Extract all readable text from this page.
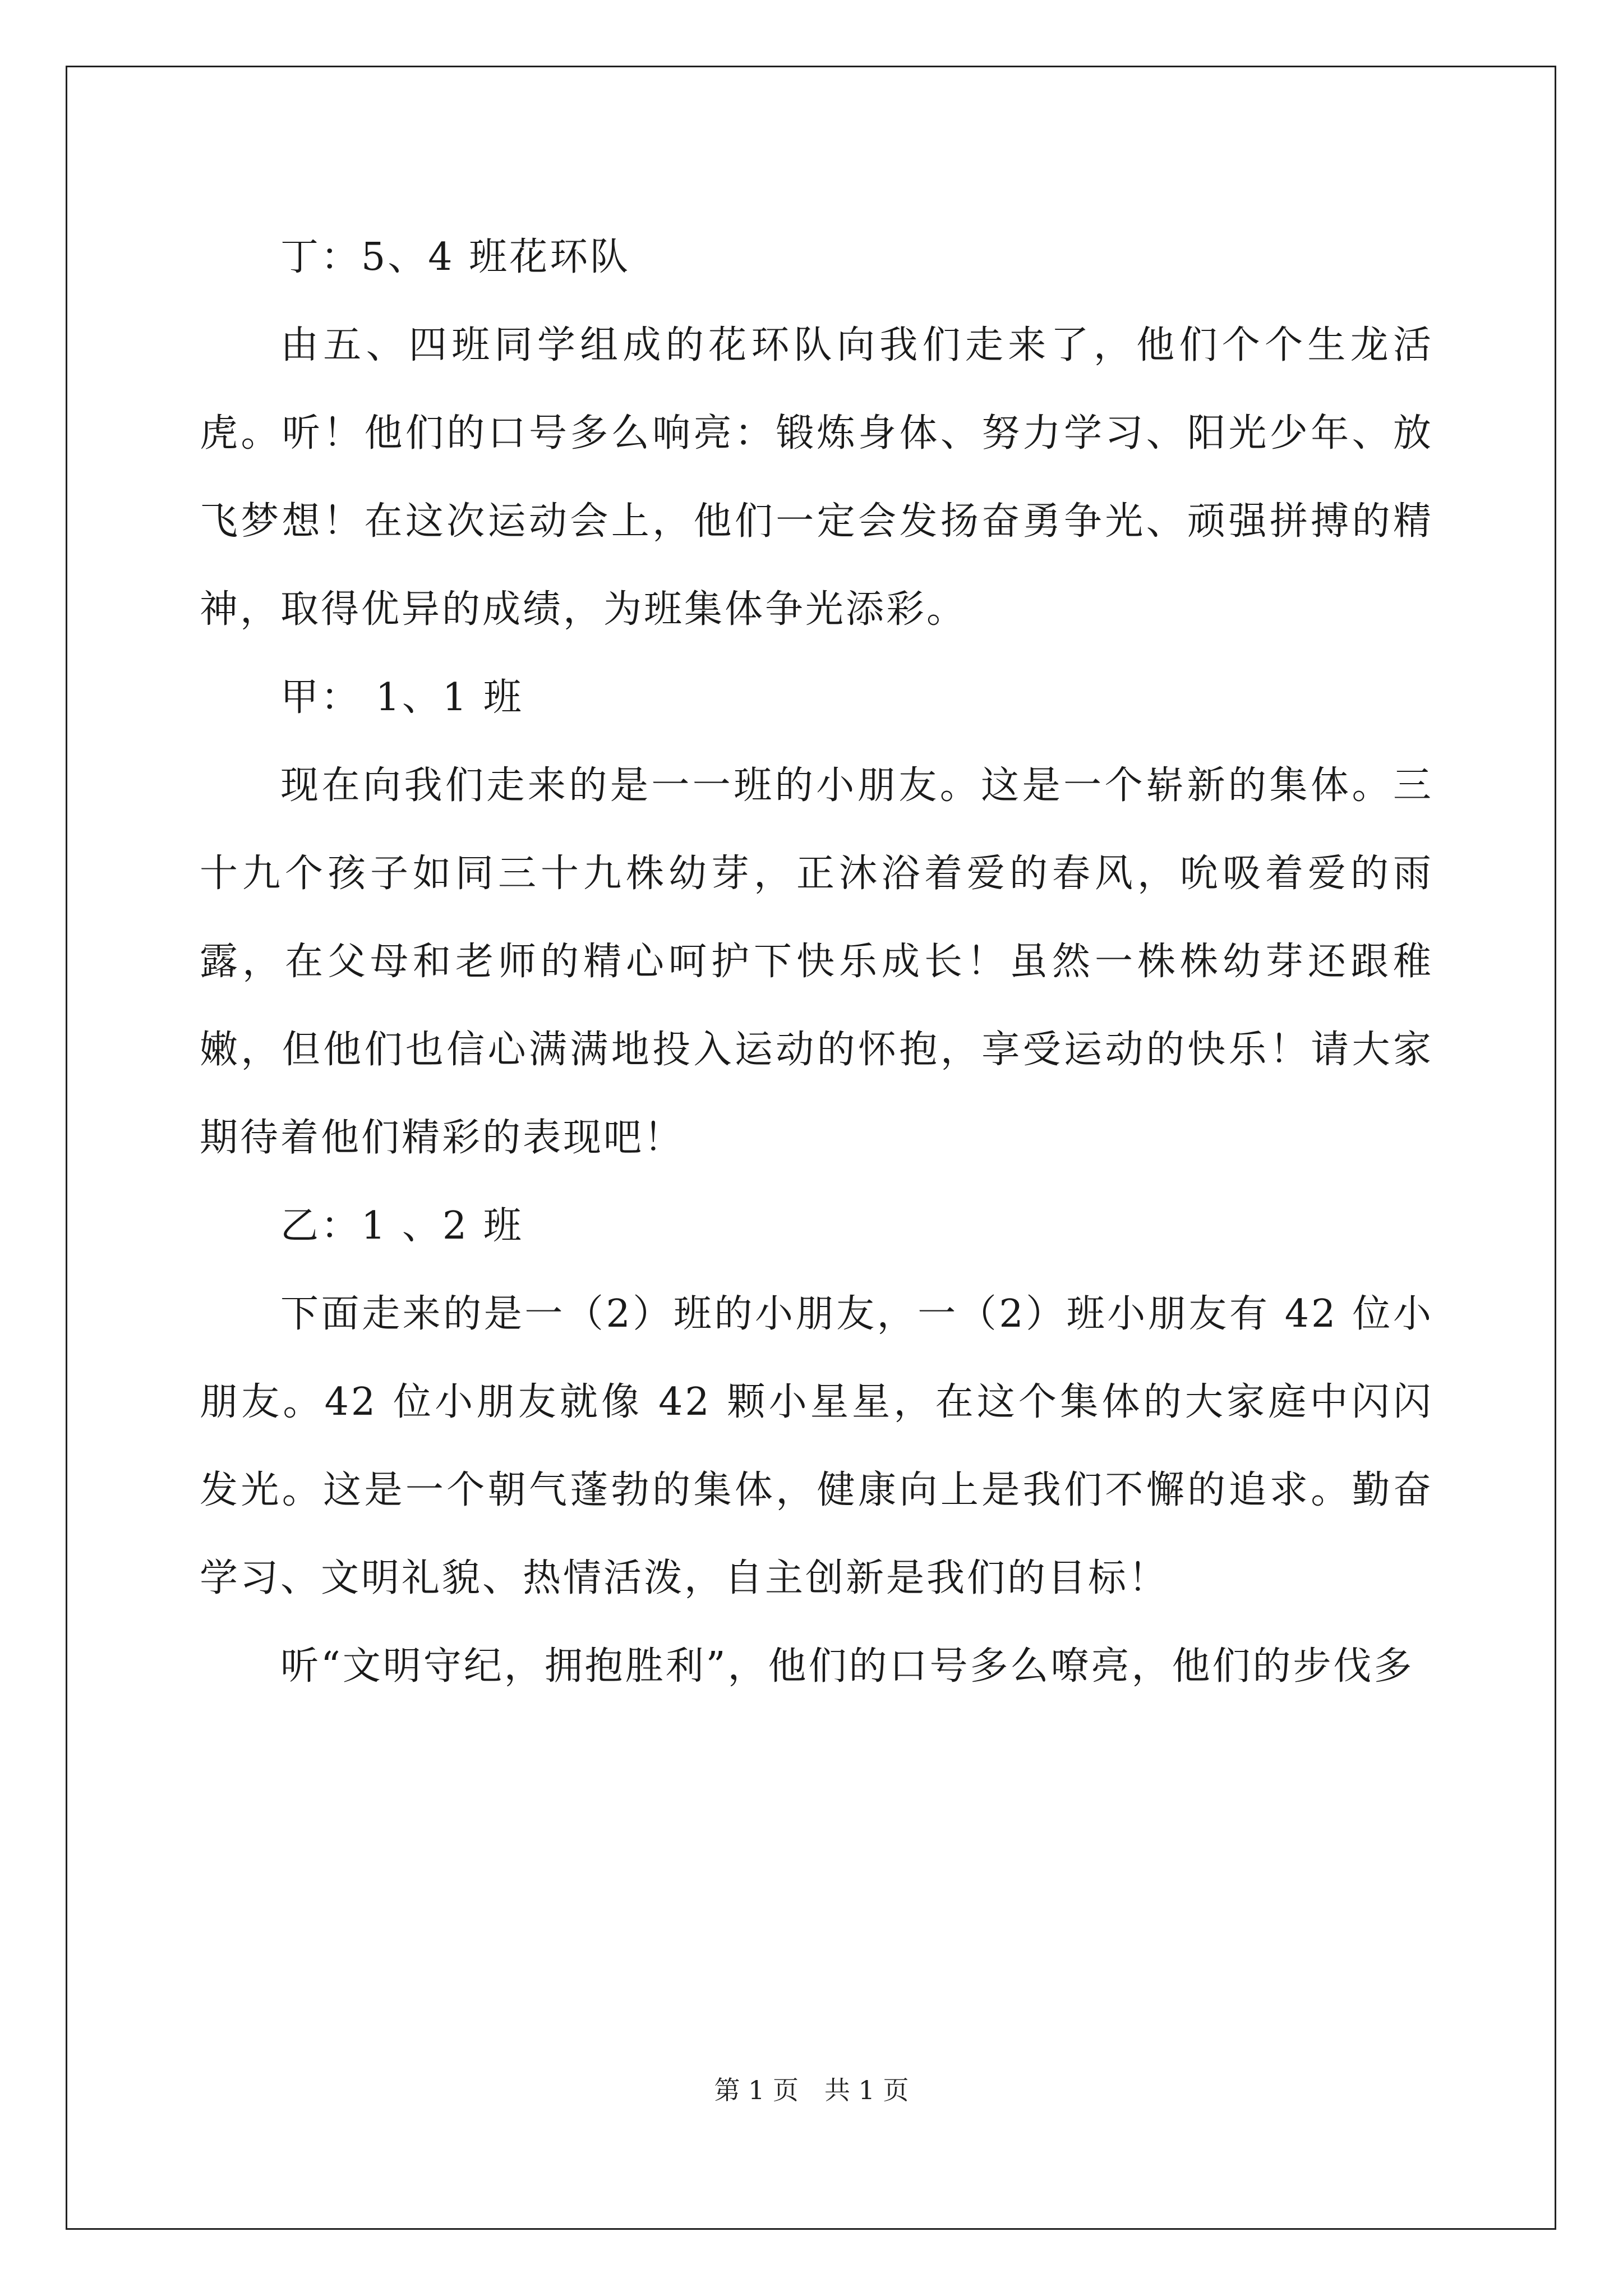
丁：5、4 班花环队

由五、四班同学组成的花环队向我们走来了，他们个个生龙活虎。听！他们的口号多么响亮：锻炼身体、努力学习、阳光少年、放飞梦想！在这次运动会上，他们一定会发扬奋勇争光、顽强拼搏的精神，取得优异的成绩，为班集体争光添彩。

甲： 1、1 班

现在向我们走来的是一一班的小朋友。这是一个崭新的集体。三十九个孩子如同三十九株幼芽，正沐浴着爱的春风，吮吸着爱的雨露，在父母和老师的精心呵护下快乐成长！虽然一株株幼芽还跟稚嫩，但他们也信心满满地投入运动的怀抱，享受运动的快乐！请大家期待着他们精彩的表现吧！

乙：1 、2 班

下面走来的是一（2）班的小朋友，一（2）班小朋友有 42 位小朋友。42 位小朋友就像 42 颗小星星，在这个集体的大家庭中闪闪发光。这是一个朝气蓬勃的集体，健康向上是我们不懈的追求。勤奋学习、文明礼貌、热情活泼，自主创新是我们的目标！

听“文明守纪，拥抱胜利”，他们的口号多么嘹亮，他们的步伐多

第 1 页　共 1 页
